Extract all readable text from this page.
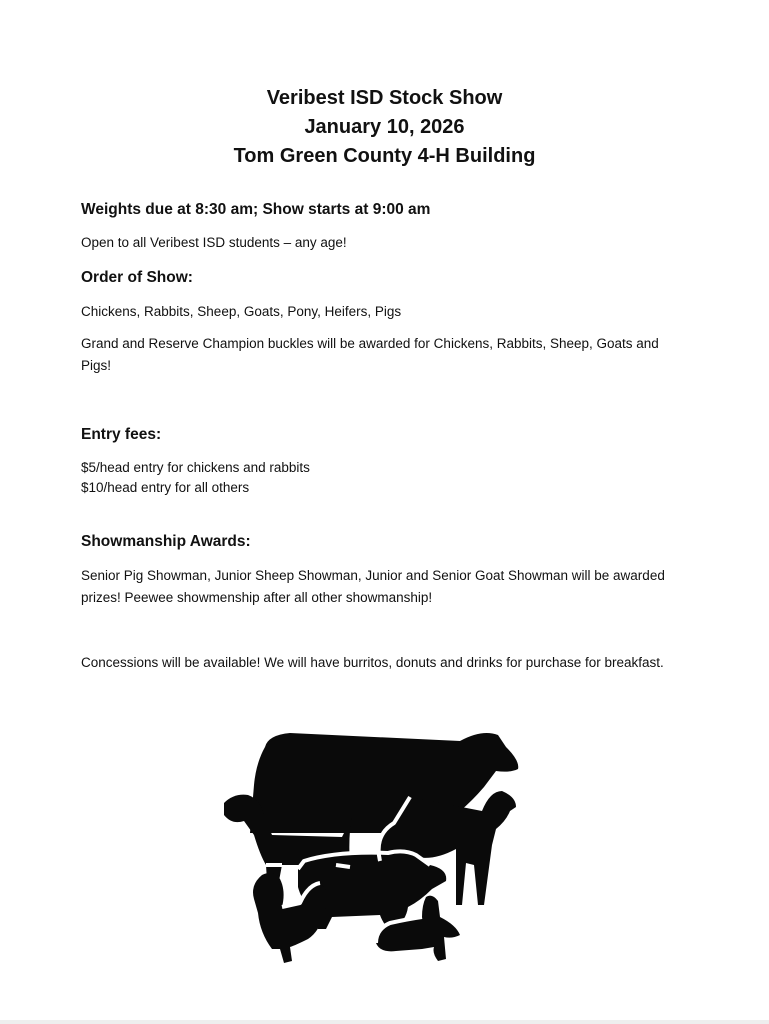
Veribest ISD Stock Show

January 10, 2026

Tom Green County 4-H Building

Weights due at 8:30 am; Show starts at 9:00 am

Open to all Veribest ISD students – any age!

Order of Show:

Chickens, Rabbits, Sheep, Goats, Pony, Heifers, Pigs
Grand and Reserve Champion buckles will be awarded for Chickens, Rabbits, Sheep, Goats and Pigs!

Entry fees:

$5/head entry for chickens and rabbits
$10/head entry for all others

Showmanship Awards:

Senior Pig Showman, Junior Sheep Showman, Junior and Senior Goat Showman will be awarded prizes! Peewee showmenship after all other showmanship!
Concessions will be available! We will have burritos, donuts and drinks for purchase for breakfast.
